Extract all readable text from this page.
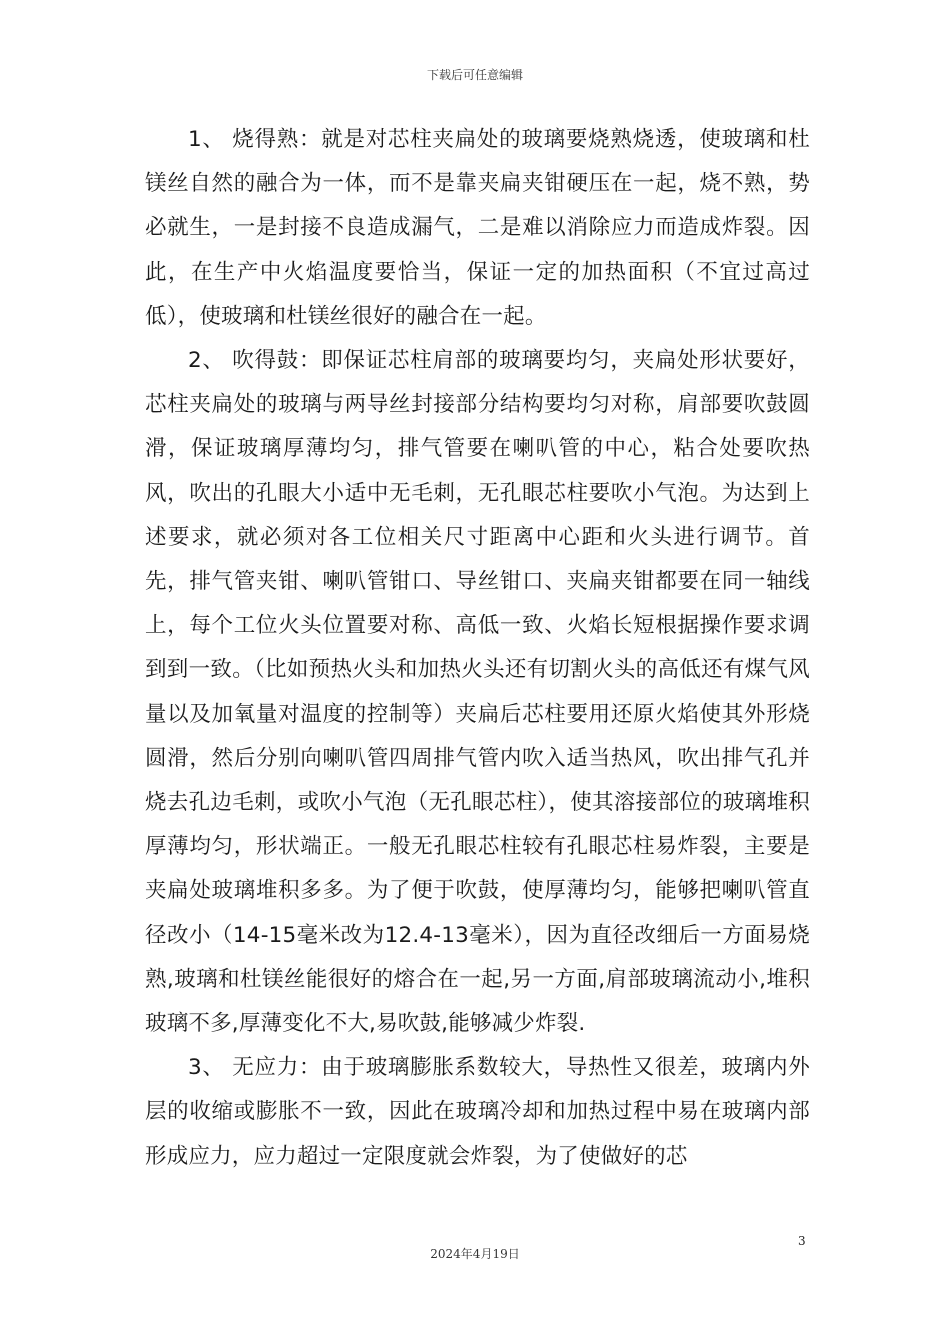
下载后可任意编辑

1、 烧得熟：就是对芯柱夹扁处的玻璃要烧熟烧透，使玻璃和杜镁丝自然的融合为一体，而不是靠夹扁夹钳硬压在一起，烧不熟，势必就生，一是封接不良造成漏气，二是难以消除应力而造成炸裂。因此，在生产中火焰温度要恰当，保证一定的加热面积（不宜过高过低），使玻璃和杜镁丝很好的融合在一起。

2、 吹得鼓：即保证芯柱肩部的玻璃要均匀，夹扁处形状要好，芯柱夹扁处的玻璃与两导丝封接部分结构要均匀对称，肩部要吹鼓圆滑，保证玻璃厚薄均匀，排气管要在喇叭管的中心，粘合处要吹热风，吹出的孔眼大小适中无毛刺，无孔眼芯柱要吹小气泡。为达到上述要求，就必须对各工位相关尺寸距离中心距和火头进行调节。首先，排气管夹钳、喇叭管钳口、导丝钳口、夹扁夹钳都要在同一轴线上，每个工位火头位置要对称、高低一致、火焰长短根据操作要求调到到一致。（比如预热火头和加热火头还有切割火头的高低还有煤气风量以及加氧量对温度的控制等）夹扁后芯柱要用还原火焰使其外形烧圆滑，然后分别向喇叭管四周排气管内吹入适当热风，吹出排气孔并烧去孔边毛刺，或吹小气泡（无孔眼芯柱），使其溶接部位的玻璃堆积厚薄均匀，形状端正。一般无孔眼芯柱较有孔眼芯柱易炸裂，主要是夹扁处玻璃堆积多多。为了便于吹鼓，使厚薄均匀，能够把喇叭管直径改小（14-15毫米改为12.4-13毫米），因为直径改细后一方面易烧熟,玻璃和杜镁丝能很好的熔合在一起,另一方面,肩部玻璃流动小,堆积玻璃不多,厚薄变化不大,易吹鼓,能够减少炸裂.

3、 无应力：由于玻璃膨胀系数较大，导热性又很差，玻璃内外层的收缩或膨胀不一致，因此在玻璃冷却和加热过程中易在玻璃内部形成应力，应力超过一定限度就会炸裂，为了使做好的芯

3
2024年4月19日
